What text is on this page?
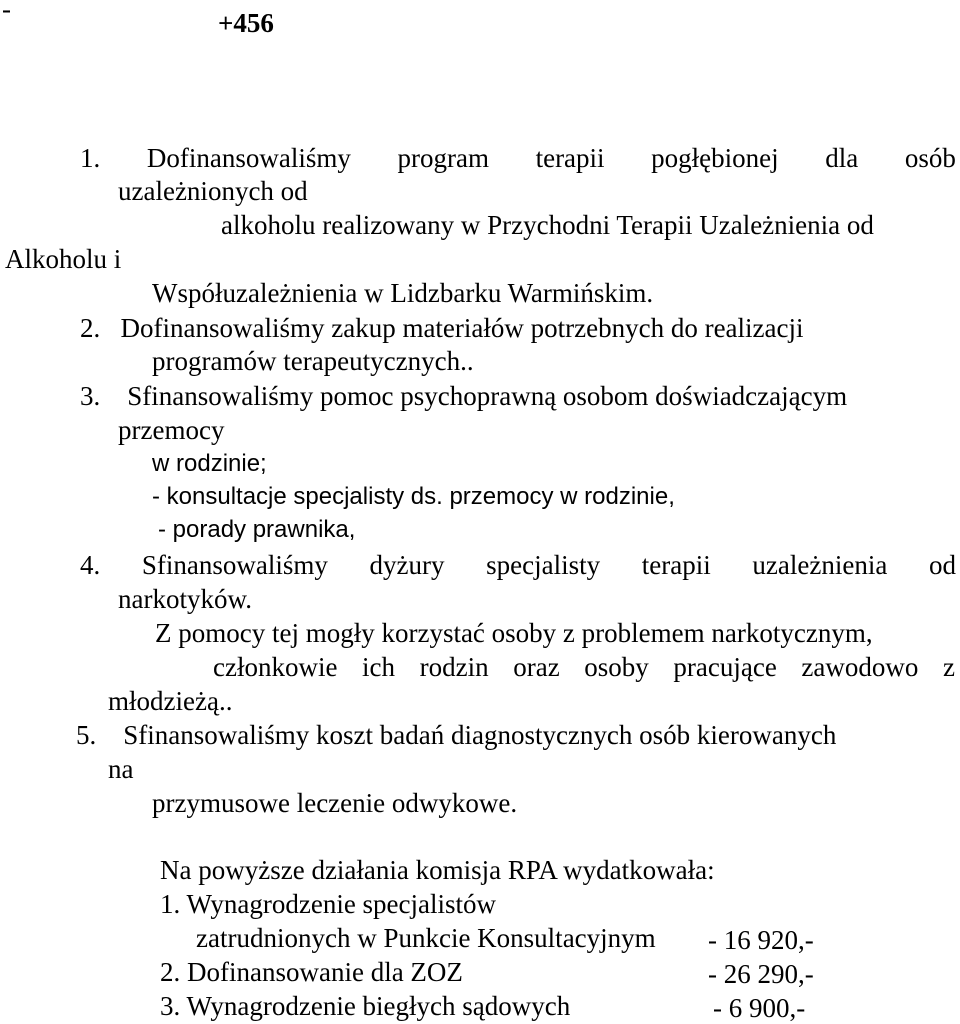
-	+456
1. Dofinansowaliśmy program terapii pogłębionej dla osób
uzależnionych od
alkoholu realizowany w Przychodni Terapii Uzależnienia od
Alkoholu i
Współuzależnienia w Lidzbarku Warmińskim.
2.   Dofinansowaliśmy zakup materiałów potrzebnych do realizacji
programów terapeutycznych..
3.    Sfinansowaliśmy pomoc psychoprawną osobom doświadczającym
przemocy
w rodzinie;
- konsultacje specjalisty ds. przemocy w rodzinie,
- porady prawnika,
4. Sfinansowaliśmy dyżury specjalisty terapii uzależnienia od
narkotyków.
Z pomocy tej mogły korzystać osoby z problemem narkotycznym,
członkowie ich rodzin oraz osoby pracujące zawodowo z
młodzieżą..
5.    Sfinansowaliśmy koszt badań diagnostycznych osób kierowanych
na
przymusowe leczenie odwykowe.
Na powyższe działania komisja RPA wydatkowała:
1. Wynagrodzenie specjalistów
zatrudnionych w Punkcie Konsultacyjnym - 16 920,-
2. Dofinansowanie dla ZOZ	- 26 290,-
3. Wynagrodzenie biegłych sądowych	- 6 900,-
